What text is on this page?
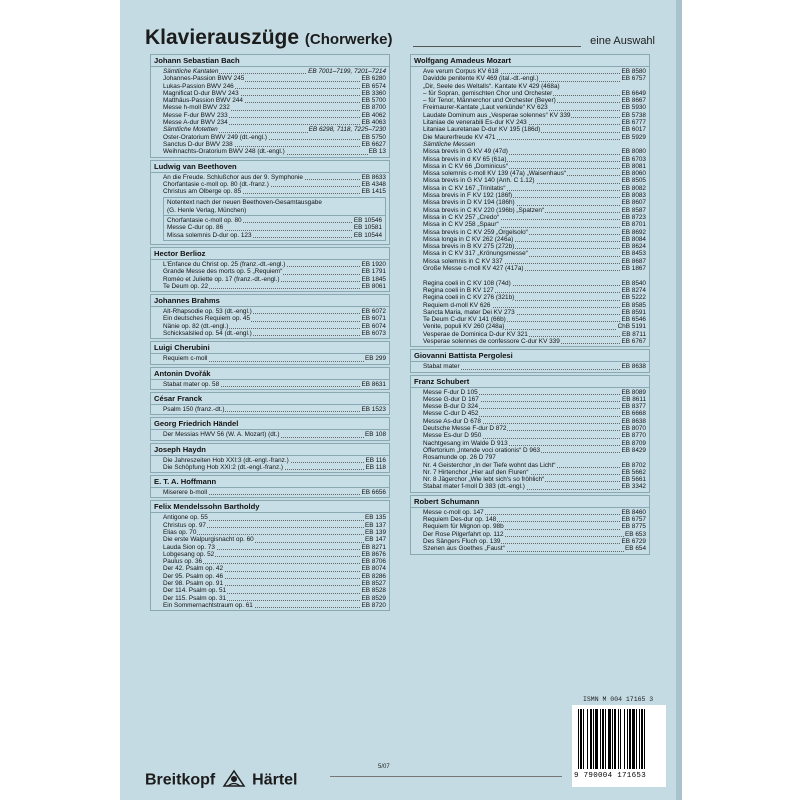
Klavierauszüge (Chorwerke)	eine Auswahl
Johann Sebastian Bach
Sämtliche Kantaten	EB 7001–7199, 7201–7214
Johannes-Passion BWV 245	EB 6280
Lukas-Passion BWV 246	EB 6574
Magnificat D-dur BWV 243	EB 3360
Matthäus-Passion BWV 244	EB 5700
Messe h-moll BWV 232	EB 8700
Messe F-dur BWV 233	EB 4062
Messe A-dur BWV 234	EB 4063
Sämtliche Motetten	EB 6298, 7118, 7225–7230
Oster-Oratorium BWV 249 (dt.-engl.)	EB 5750
Sanctus D-dur BWV 238	EB 6627
Weihnachts-Oratorium BWV 248 (dt.-engl.)	EB 13
Ludwig van Beethoven
An die Freude. Schlußchor aus der 9. Symphonie	EB 8633
Chorfantasie c-moll op. 80 (dt.-franz.)	EB 4348
Christus am Ölberge op. 85	EB 1415
Notentext nach der neuen Beethoven-Gesamtausgabe
(G. Henle Verlag, München)
Chorfantasie c-moll op. 80	EB 10546
Messe C-dur op. 86	EB 10581
Missa solemnis D-dur op. 123	EB 10544
Hector Berlioz
L'Enfance du Christ op. 25 (franz.-dt.-engl.)	EB 1920
Grande Messe des morts op. 5 „Requiem“	EB 1791
Roméo et Juliette op. 17 (franz.-dt.-engl.)	EB 1845
Te Deum op. 22	EB 8061
Johannes Brahms
Alt-Rhapsodie op. 53 (dt.-engl.)	EB 6072
Ein deutsches Requiem op. 45	EB 6071
Nänie op. 82 (dt.-engl.)	EB 6074
Schicksalslied op. 54 (dt.-engl.)	EB 6073
Luigi Cherubini
Requiem c-moll	EB 299
Antonin Dvořák
Stabat mater op. 58	EB 8631
César Franck
Psalm 150 (franz.-dt.)	EB 1523
Georg Friedrich Händel
Der Messias HWV 56 (W. A. Mozart) (dt.)	EB 108
Joseph Haydn
Die Jahreszeiten Hob XXI:3 (dt.-engl.-franz.)	EB 116
Die Schöpfung Hob XXI:2 (dt.-engl.-franz.)	EB 118
E. T. A. Hoffmann
Miserere b-moll	EB 6656
Felix Mendelssohn Bartholdy
Antigone op. 55	EB 135
Christus op. 97	EB 137
Elias op. 70	EB 139
Die erste Walpurgisnacht op. 60	EB 147
Lauda Sion op. 73	EB 8271
Lobgesang op. 52	EB 8676
Paulus op. 36	EB 8706
Der 42. Psalm op. 42	EB 8074
Der 95. Psalm op. 46	EB 8286
Der 98. Psalm op. 91	EB 8527
Der 114. Psalm op. 51	EB 8528
Der 115. Psalm op. 31	EB 8529
Ein Sommernachtstraum op. 61	EB 8720
Wolfgang Amadeus Mozart
Ave verum Corpus KV 618	EB 8580
Davidde penitente KV 469 (ital.-dt.-engl.)	EB 6757
„Dir, Seele des Weltalls“. Kantate KV 429 (468a)
– für Sopran, gemischten Chor und Orchester	EB 6649
– für Tenor, Männerchor und Orchester (Beyer)	EB 8667
Freimaurer-Kantate „Laut verkünde“ KV 623	EB 5930
Laudate Dominum aus „Vesperae solennes“ KV 339	EB 5738
Litaniae de venerabili Es-dur KV 243	EB 6777
Litaniae Lauretanae D-dur KV 195 (186d)	EB 6017
Die Maurerfreude KV 471	EB 5929
Sämtliche Messen
Missa brevis in G KV 49 (47d)	EB 8080
Missa brevis in d KV 65 (61a)	EB 6703
Missa in C KV 66 „Dominicus“	EB 8081
Missa solemnis c-moll KV 139 (47a) „Waisenhaus“	EB 8060
Missa brevis in G KV 140 (Anh. C 1.12)	EB 8505
Missa in C KV 167 „Trinitatis“	EB 8082
Missa brevis in F KV 192 (186f)	EB 8083
Missa brevis in D KV 194 (186h)	EB 8607
Missa brevis in C KV 220 (196b) „Spatzen“	EB 8587
Missa in C KV 257 „Credo“	EB 8723
Missa in C KV 258 „Spaur“	EB 8701
Missa brevis in C KV 259 „Orgelsolo“	EB 8692
Missa longa in C KV 262 (246a)	EB 8084
Missa brevis in B KV 275 (272b)	EB 8624
Missa in C KV 317 „Krönungsmesse“	EB 8453
Missa solemnis in C KV 337	EB 8687
Große Messe c-moll KV 427 (417a)	EB 1867
Regina coeli in C KV 108 (74d)	EB 8540
Regina coeli in B KV 127	EB 8274
Regina coeli in C KV 276 (321b)	EB 5222
Requiem d-moll KV 626	EB 8585
Sancta Maria, mater Dei KV 273	EB 8591
Te Deum C-dur KV 141 (66b)	EB 6546
Venite, populi KV 260 (248a)	ChB 5191
Vesperae de Dominica D-dur KV 321	EB 8711
Vesperae solennes de confessore C-dur KV 339	EB 6767
Giovanni Battista Pergolesi
Stabat mater	EB 8638
Franz Schubert
Messe F-dur D 105	EB 8089
Messe G-dur D 167	EB 8611
Messe B-dur D 324	EB 8377
Messe C-dur D 452	EB 6668
Messe As-dur D 678	EB 8638
Deutsche Messe F-dur D 872	EB 8070
Messe Es-dur D 950	EB 8770
Nachtgesang im Walde D 913	EB 8709
Offertorium „Intende voci orationis“ D 963	EB 8429
Rosamunde op. 26 D 797
Nr. 4 Geisterchor „In der Tiefe wohnt das Licht“	EB 8702
Nr. 7 Hirtenchor „Hier auf den Fluren“	EB 5662
Nr. 8 Jägerchor „Wie lebt sich's so fröhlich“	EB 5661
Stabat mater f-moll D 383 (dt.-engl.)	EB 3342
Robert Schumann
Messe c-moll op. 147	EB 8460
Requiem Des-dur op. 148	EB 6757
Requiem für Mignon op. 98b	EB 8775
Der Rose Pilgerfahrt op. 112	EB 653
Des Sängers Fluch op. 139	EB 6729
Szenen aus Goethes „Faust“	EB 654
ISMN M 004 17165 3
9 790004 171653
Breitkopf Härtel
5/07
